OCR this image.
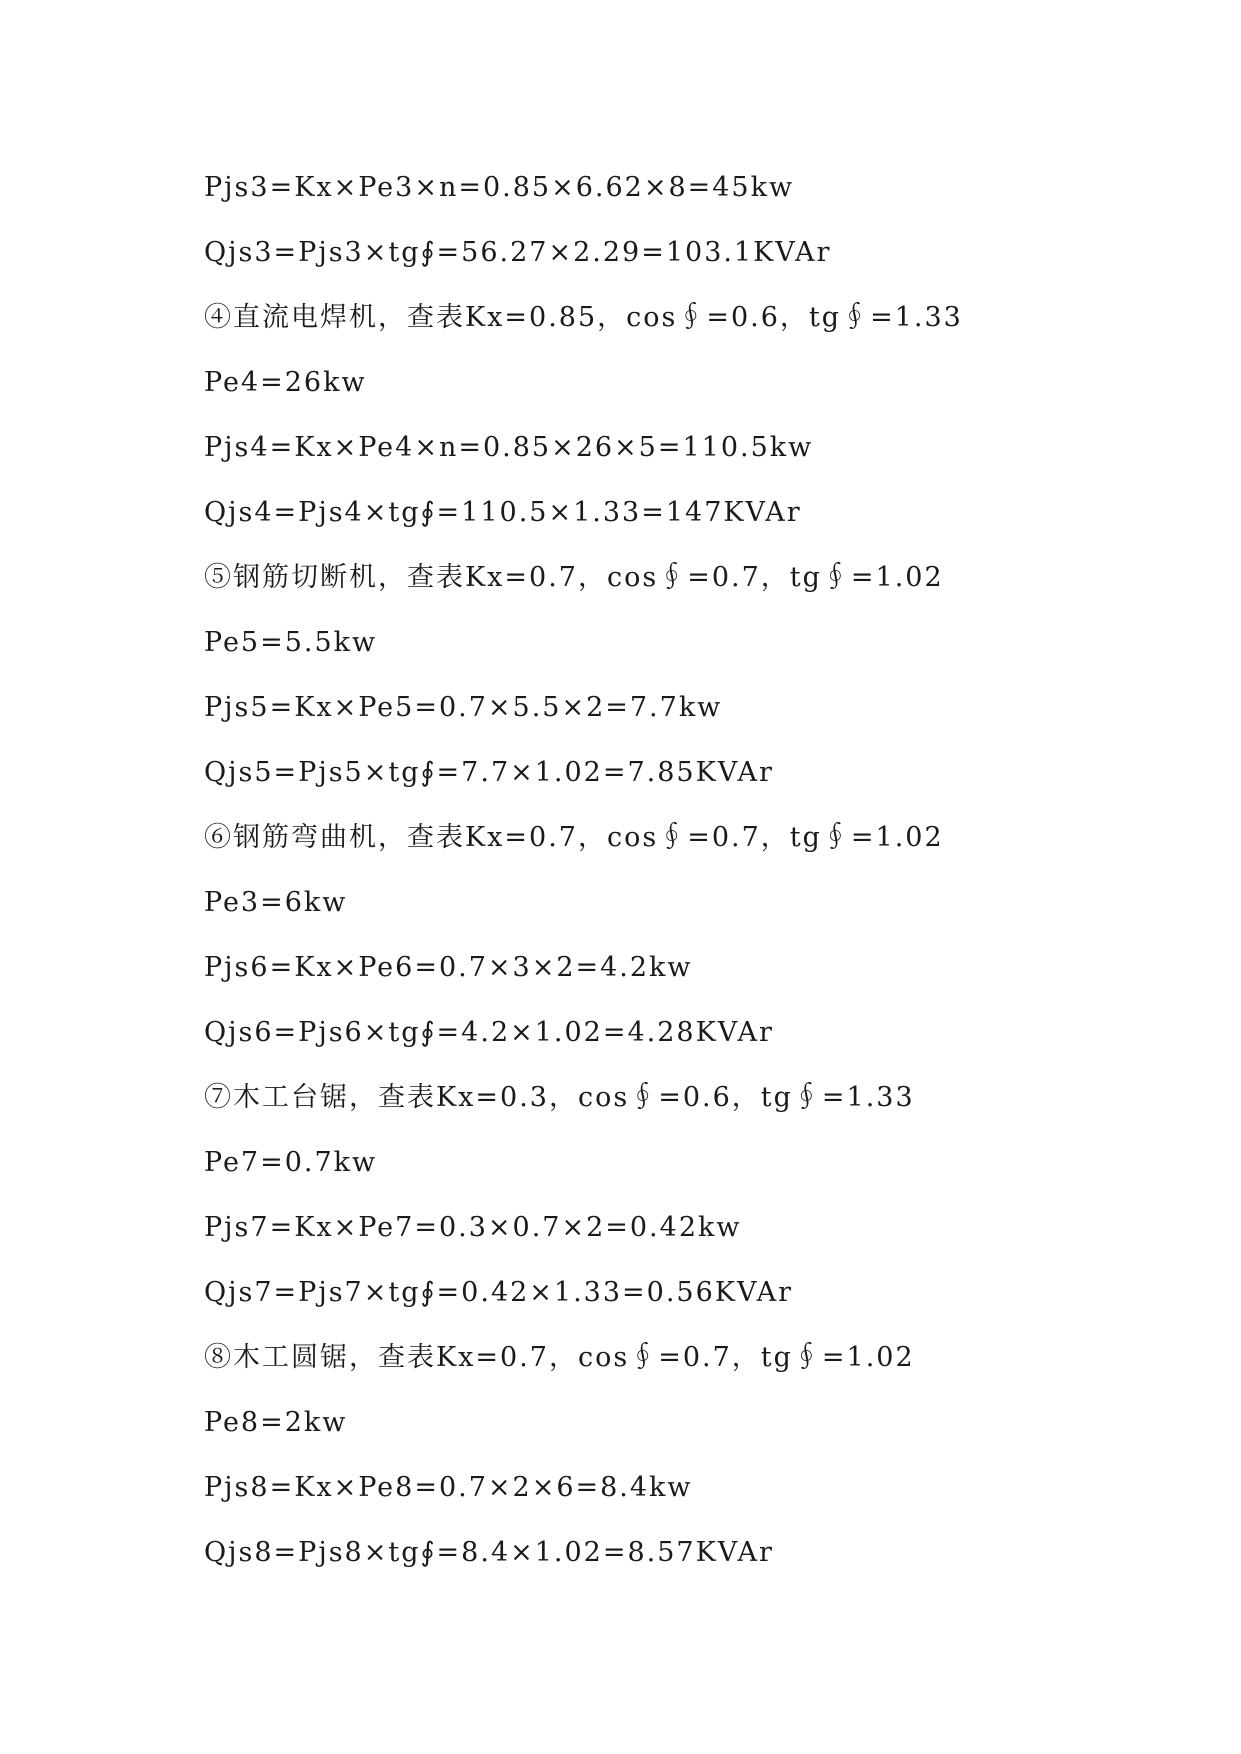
Pjs3=Kx×Pe3×n=0.85×6.62×8=45kw

Qjs3=Pjs3×tg∮=56.27×2.29=103.1KVAr

④直流电焊机，查表Kx=0.85，cos∮=0.6，tg∮=1.33

Pe4=26kw

Pjs4=Kx×Pe4×n=0.85×26×5=110.5kw

Qjs4=Pjs4×tg∮=110.5×1.33=147KVAr

⑤钢筋切断机，查表Kx=0.7，cos∮=0.7，tg∮=1.02

Pe5=5.5kw

Pjs5=Kx×Pe5=0.7×5.5×2=7.7kw

Qjs5=Pjs5×tg∮=7.7×1.02=7.85KVAr

⑥钢筋弯曲机，查表Kx=0.7，cos∮=0.7，tg∮=1.02

Pe3=6kw

Pjs6=Kx×Pe6=0.7×3×2=4.2kw

Qjs6=Pjs6×tg∮=4.2×1.02=4.28KVAr

⑦木工台锯，查表Kx=0.3，cos∮=0.6，tg∮=1.33

Pe7=0.7kw

Pjs7=Kx×Pe7=0.3×0.7×2=0.42kw

Qjs7=Pjs7×tg∮=0.42×1.33=0.56KVAr

⑧木工圆锯，查表Kx=0.7，cos∮=0.7，tg∮=1.02

Pe8=2kw

Pjs8=Kx×Pe8=0.7×2×6=8.4kw

Qjs8=Pjs8×tg∮=8.4×1.02=8.57KVAr
